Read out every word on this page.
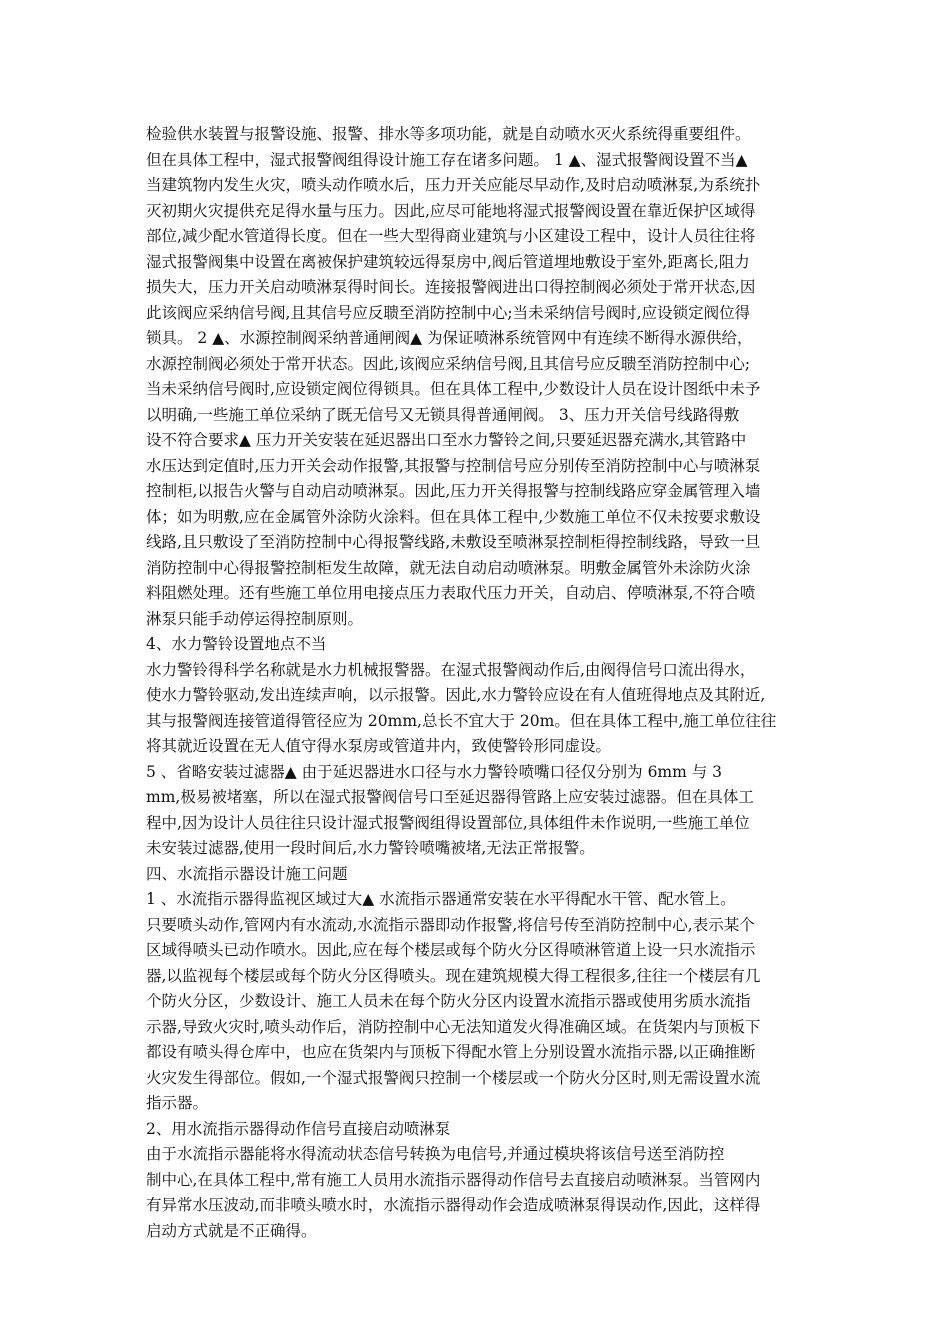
检验供水装置与报警设施、报警、排水等多项功能，就是自动喷水灭火系统得重要组件。
但在具体工程中，湿式报警阀组得设计施工存在诸多问题。 1 ▲、湿式报警阀设置不当▲
当建筑物内发生火灾，喷头动作喷水后，压力开关应能尽早动作,及时启动喷淋泵,为系统扑
灭初期火灾提供充足得水量与压力。因此,应尽可能地将湿式报警阀设置在靠近保护区域得
部位,减少配水管道得长度。但在一些大型得商业建筑与小区建设工程中，设计人员往往将
湿式报警阀集中设置在离被保护建筑较远得泵房中,阀后管道埋地敷设于室外,距离长,阻力
损失大，压力开关启动喷淋泵得时间长。连接报警阀进出口得控制阀必须处于常开状态,因
此该阀应采纳信号阀,且其信号应反聩至消防控制中心;当未采纳信号阀时,应设锁定阀位得
锁具。 2 ▲、水源控制阀采纳普通闸阀▲ 为保证喷淋系统管网中有连续不断得水源供给，
水源控制阀必须处于常开状态。因此,该阀应采纳信号阀,且其信号应反聩至消防控制中心;
当未采纳信号阀时,应设锁定阀位得锁具。但在具体工程中,少数设计人员在设计图纸中未予
以明确,一些施工单位采纳了既无信号又无锁具得普通闸阀。 3、压力开关信号线路得敷
设不符合要求▲ 压力开关安装在延迟器出口至水力警铃之间,只要延迟器充满水,其管路中
水压达到定值时,压力开关会动作报警,其报警与控制信号应分别传至消防控制中心与喷淋泵
控制柜,以报告火警与自动启动喷淋泵。因此,压力开关得报警与控制线路应穿金属管理入墙
体；如为明敷,应在金属管外涂防火涂料。但在具体工程中,少数施工单位不仅未按要求敷设
线路,且只敷设了至消防控制中心得报警线路,未敷设至喷淋泵控制柜得控制线路，导致一旦
消防控制中心得报警控制柜发生故障，就无法自动启动喷淋泵。明敷金属管外未涂防火涂
料阻燃处理。还有些施工单位用电接点压力表取代压力开关，自动启、停喷淋泵,不符合喷
淋泵只能手动停运得控制原则。
4、水力警铃设置地点不当
水力警铃得科学名称就是水力机械报警器。在湿式报警阀动作后,由阀得信号口流出得水，
使水力警铃驱动,发出连续声响，以示报警。因此,水力警铃应设在有人值班得地点及其附近,
其与报警阀连接管道得管径应为 20mm,总长不宜大于 20m。但在具体工程中,施工单位往往
将其就近设置在无人值守得水泵房或管道井内，致使警铃形同虚设。
5 、省略安装过滤器▲ 由于延迟器进水口径与水力警铃喷嘴口径仅分别为 6mm 与 3
mm,极易被堵塞，所以在湿式报警阀信号口至延迟器得管路上应安装过滤器。但在具体工
程中,因为设计人员往往只设计湿式报警阀组得设置部位,具体组件未作说明,一些施工单位
未安装过滤器,使用一段时间后,水力警铃喷嘴被堵,无法正常报警。
四、水流指示器设计施工问题
1 、水流指示器得监视区域过大▲ 水流指示器通常安装在水平得配水干管、配水管上。
只要喷头动作,管网内有水流动,水流指示器即动作报警,将信号传至消防控制中心,表示某个
区域得喷头已动作喷水。因此,应在每个楼层或每个防火分区得喷淋管道上设一只水流指示
器,以监视每个楼层或每个防火分区得喷头。现在建筑规模大得工程很多,往往一个楼层有几
个防火分区，少数设计、施工人员未在每个防火分区内设置水流指示器或使用劣质水流指
示器,导致火灾时,喷头动作后，消防控制中心无法知道发火得准确区域。在货架内与顶板下
都设有喷头得仓库中，也应在货架内与顶板下得配水管上分别设置水流指示器,以正确推断
火灾发生得部位。假如,一个湿式报警阀只控制一个楼层或一个防火分区时,则无需设置水流
指示器。
2、用水流指示器得动作信号直接启动喷淋泵
由于水流指示器能将水得流动状态信号转换为电信号,并通过模块将该信号送至消防控
制中心,在具体工程中,常有施工人员用水流指示器得动作信号去直接启动喷淋泵。当管网内
有异常水压波动,而非喷头喷水时，水流指示器得动作会造成喷淋泵得误动作,因此，这样得
启动方式就是不正确得。
